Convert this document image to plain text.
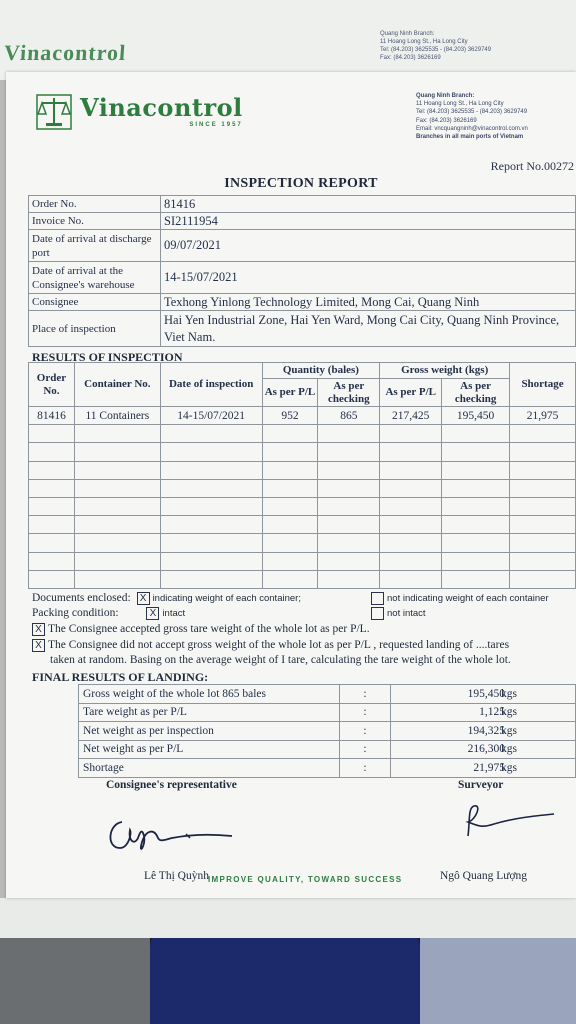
Vinacontrol
Quang Ninh Branch:
11 Hoang Long St., Ha Long City
Tel: (84.203) 3625535 - (84.203) 3629749
Fax: (84.203) 3626169
Vinacontrol
SINCE 1957
Quang Ninh Branch:
11 Hoang Long St., Ha Long City
Tel: (84.203) 3625535 - (84.203) 3629749
Fax: (84.203) 3626169
Email: vncquangninh@vinacontrol.com.vn
Branches in all main ports of Vietnam
Report No.00272
INSPECTION REPORT
Order No.	81416
Invoice No.	SI2111954
Date of arrival at discharge port	09/07/2021
Date of arrival at the Consignee's warehouse	14-15/07/2021
Consignee	Texhong Yinlong Technology Limited, Mong Cai, Quang Ninh
Place of inspection	Hai Yen Industrial Zone, Hai Yen Ward, Mong Cai City, Quang Ninh Province, Viet Nam.
RESULTS OF INSPECTION
Order No.	Container No.	Date of inspection	Quantity (bales)		Gross weight (kgs)		Shortage
			As per P/L	As per checking	As per P/L	As per checking	
81416	11 Containers	14-15/07/2021	952	865	217,425	195,450	21,975

Documents enclosed: X indicating weight of each container;	not indicating weight of each container
Packing condition:	X intact	not intact
X The Consignee accepted gross tare weight of the whole lot as per P/L.
X The Consignee did not accept gross weight of the whole lot as per P/L , requested landing of ....tares
taken at random. Basing on the average weight of I tare, calculating the tare weight of the whole lot.
FINAL RESULTS OF LANDING:
Gross weight of the whole lot 865 bales	:	195,450
kgs

Tare weight as per P/L	:	1,125
kgs

Net weight as per inspection	:	194,325
kgs

Net weight as per P/L	:	216,300
kgs

Shortage	:	21,975
kgs
Consignee's representative	Surveyor
Lê Thị Quỳnh IMPROVE QUALITY, TOWARD SUCCESS	Ngô Quang Lượng
